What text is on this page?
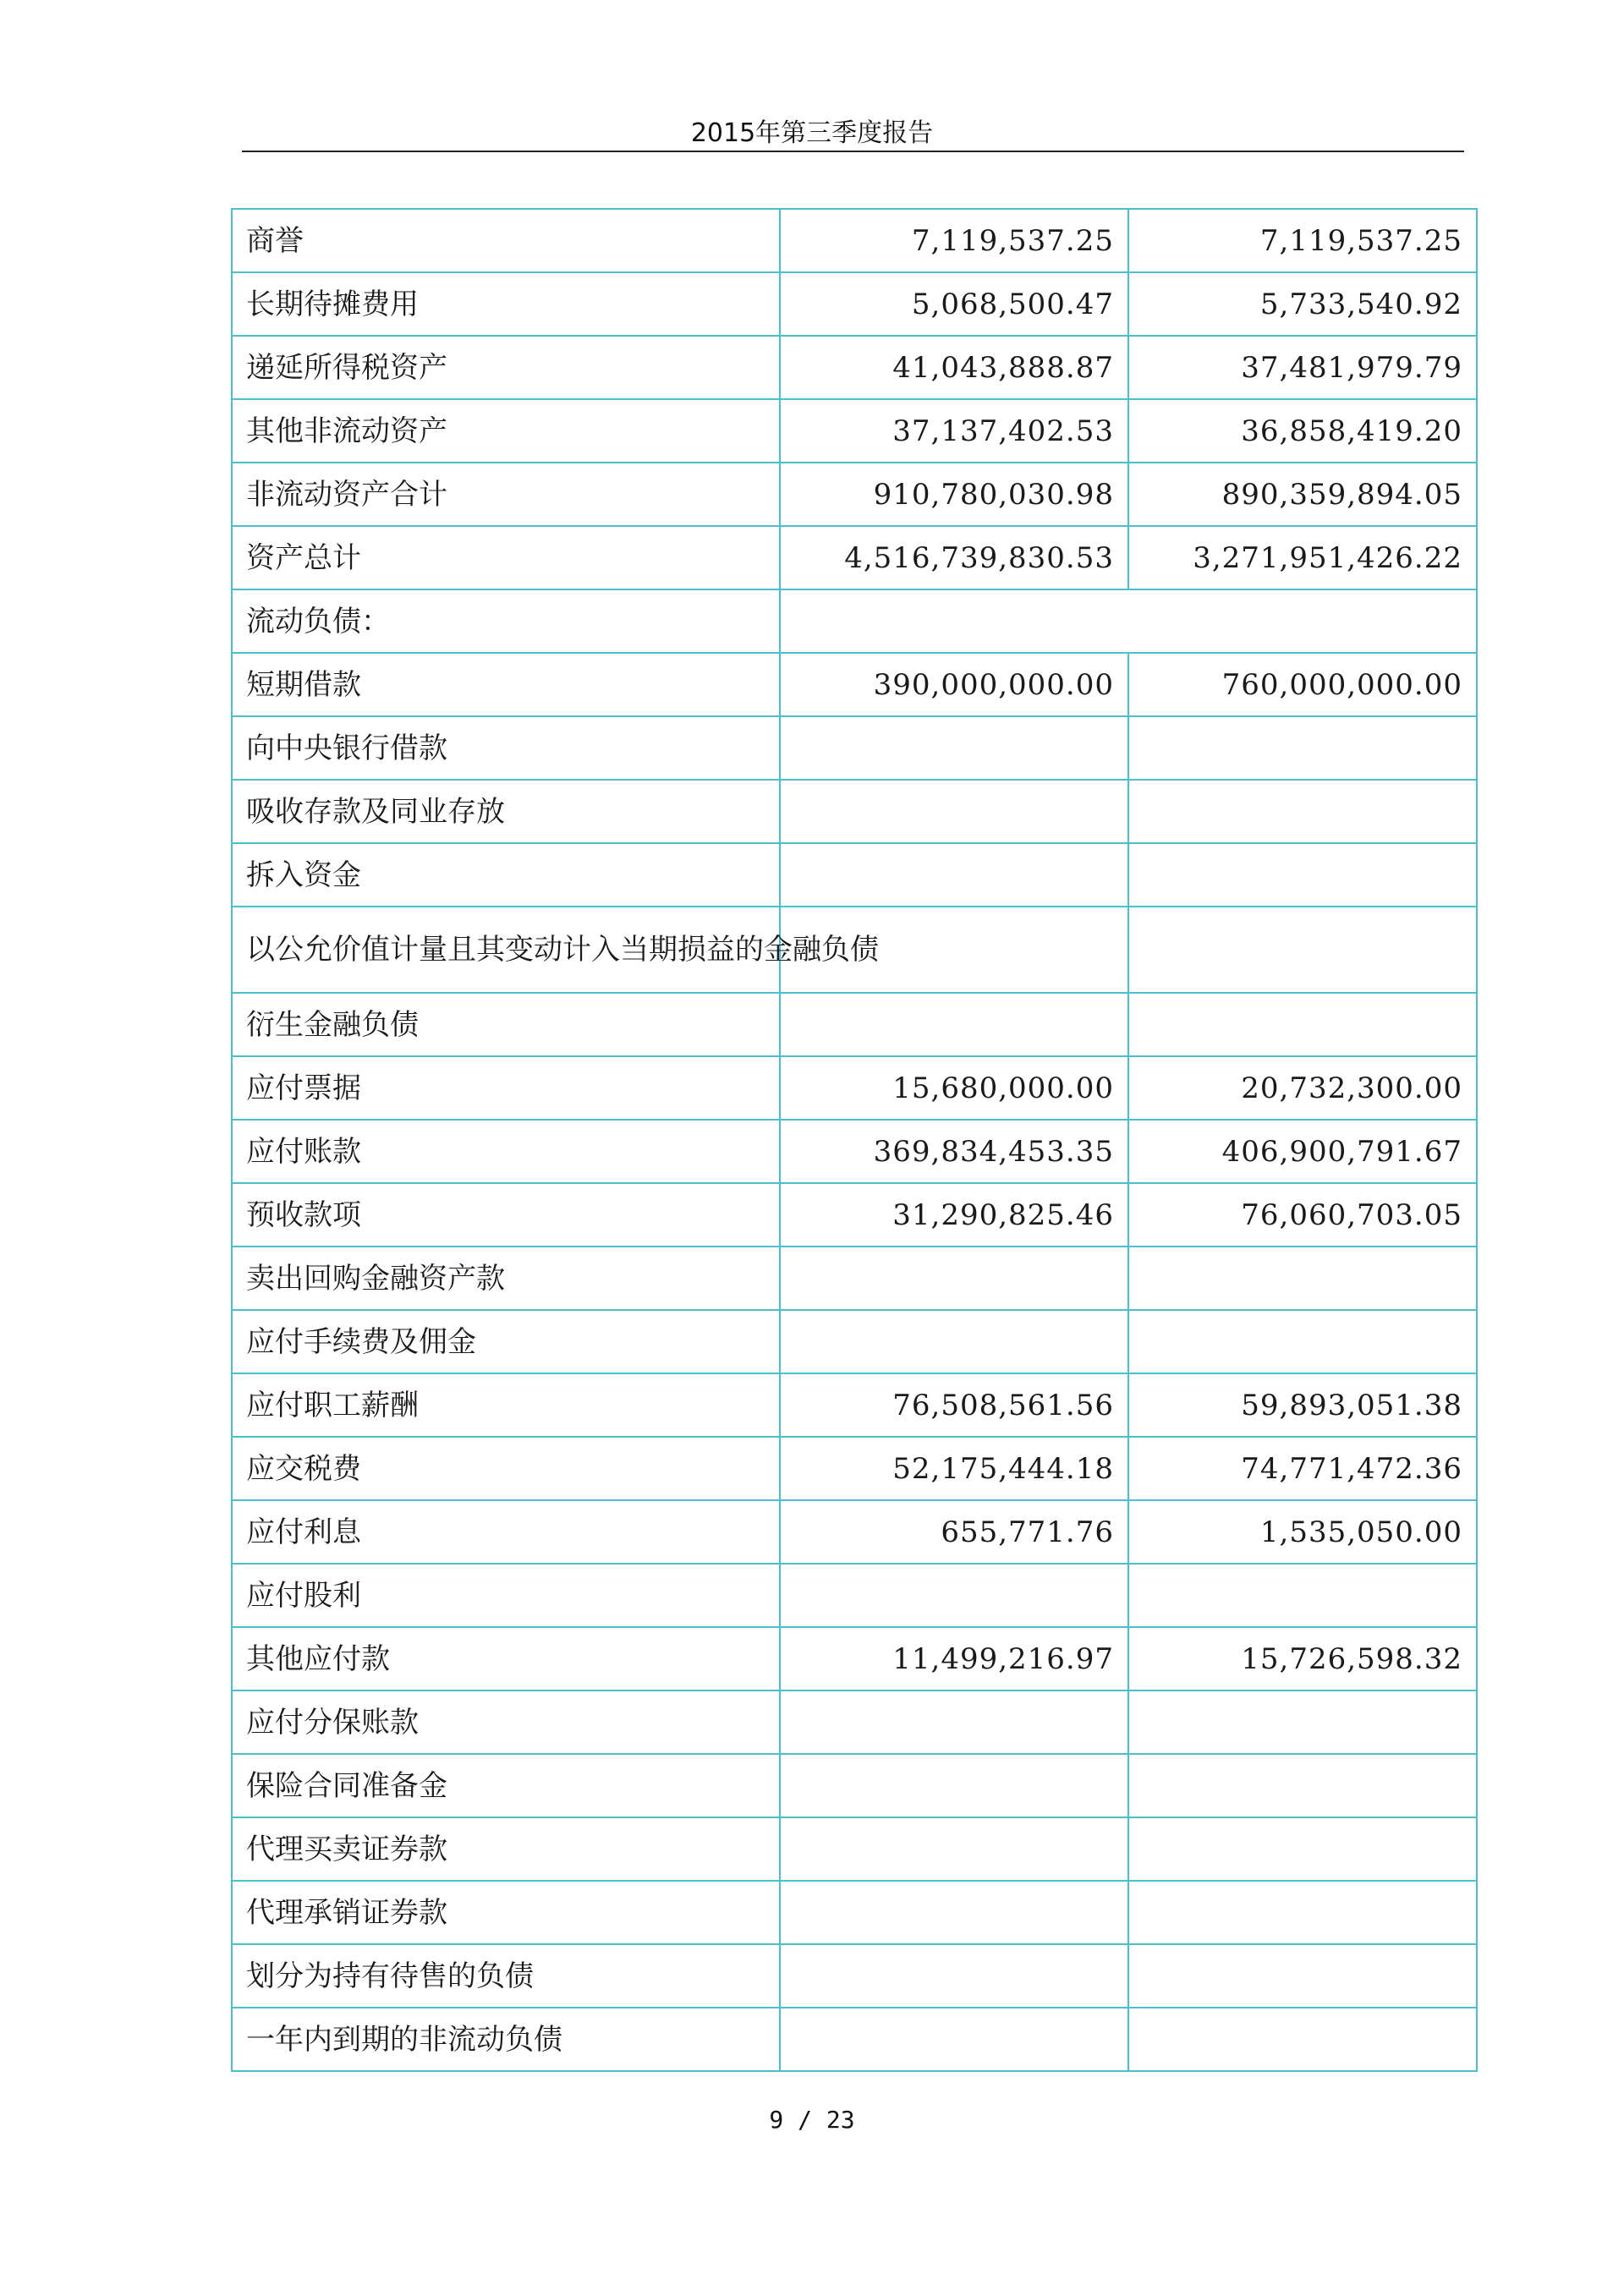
2015年第三季度报告
商誉	7,119,537.25	7,119,537.25
长期待摊费用	5,068,500.47	5,733,540.92
递延所得税资产	41,043,888.87	37,481,979.79
其他非流动资产	37,137,402.53	36,858,419.20
非流动资产合计	910,780,030.98	890,359,894.05
资产总计	4,516,739,830.53	3,271,951,426.22
流动负债：		
短期借款	390,000,000.00	760,000,000.00
向中央银行借款		
吸收存款及同业存放		
拆入资金		
以公允价值计量且其变动计入当期损益的金融负债		
衍生金融负债		
应付票据	15,680,000.00	20,732,300.00
应付账款	369,834,453.35	406,900,791.67
预收款项	31,290,825.46	76,060,703.05
卖出回购金融资产款		
应付手续费及佣金		
应付职工薪酬	76,508,561.56	59,893,051.38
应交税费	52,175,444.18	74,771,472.36
应付利息	655,771.76	1,535,050.00
应付股利		
其他应付款	11,499,216.97	15,726,598.32
应付分保账款		
保险合同准备金		
代理买卖证券款		
代理承销证券款		
划分为持有待售的负债		
一年内到期的非流动负债		
9 / 23
